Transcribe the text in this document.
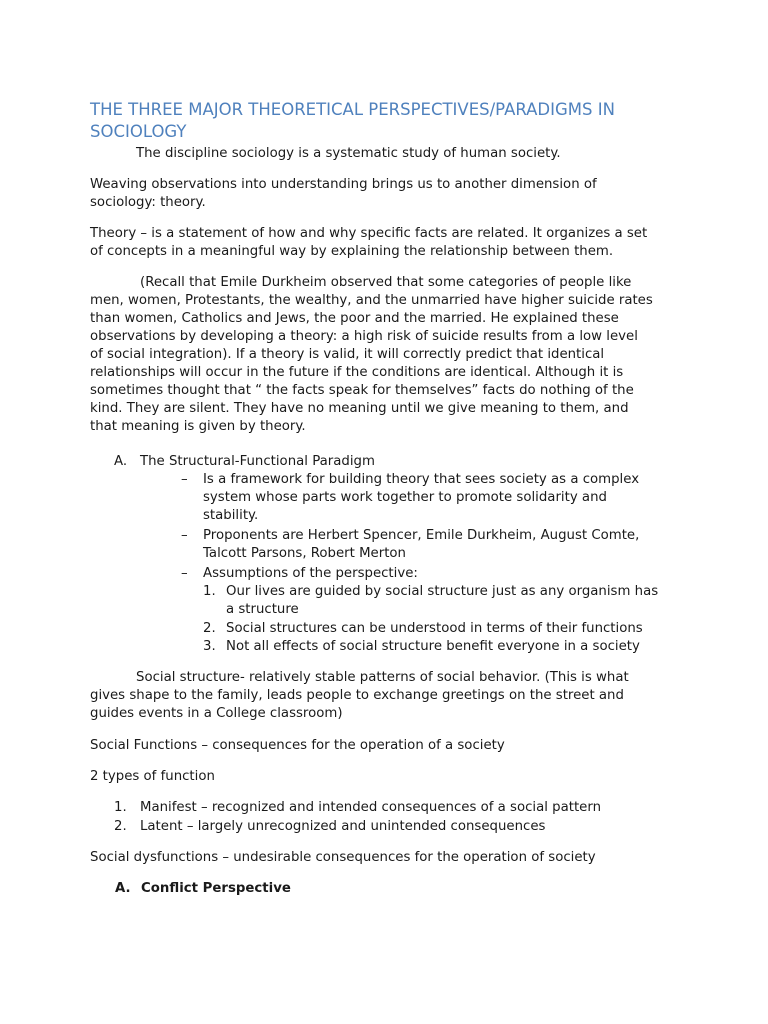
THE THREE MAJOR THEORETICAL PERSPECTIVES/PARADIGMS IN
SOCIOLOGY

The discipline sociology is a systematic study of human society.

Weaving observations into understanding brings us to another dimension of

sociology: theory.

Theory – is a statement of how and why specific facts are related. It organizes a set

of concepts in a meaningful way by explaining the relationship between them.

(Recall that Emile Durkheim observed that some categories of people like

men, women, Protestants, the wealthy, and the unmarried have higher suicide rates

than women, Catholics and Jews, the poor and the married. He explained these

observations by developing a theory: a high risk of suicide results from a low level

of social integration). If a theory is valid, it will correctly predict that identical

relationships will occur in the future if the conditions are identical. Although it is

sometimes thought that “ the facts speak for themselves” facts do nothing of the

kind. They are silent. They have no meaning until we give meaning to them, and

that meaning is given by theory.

A. The Structural-Functional Paradigm
– Is a framework for building theory that sees society as a complex
system whose parts work together to promote solidarity and
stability.
– Proponents are Herbert Spencer, Emile Durkheim, August Comte,
Talcott Parsons, Robert Merton
– Assumptions of the perspective:
1. Our lives are guided by social structure just as any organism has
a structure
2. Social structures can be understood in terms of their functions
3. Not all effects of social structure benefit everyone in a society

Social structure- relatively stable patterns of social behavior. (This is what

gives shape to the family, leads people to exchange greetings on the street and

guides events in a College classroom)

Social Functions – consequences for the operation of a society

2 types of function

1. Manifest – recognized and intended consequences of a social pattern
2. Latent – largely unrecognized and unintended consequences

Social dysfunctions – undesirable consequences for the operation of society

A. Conflict Perspective
